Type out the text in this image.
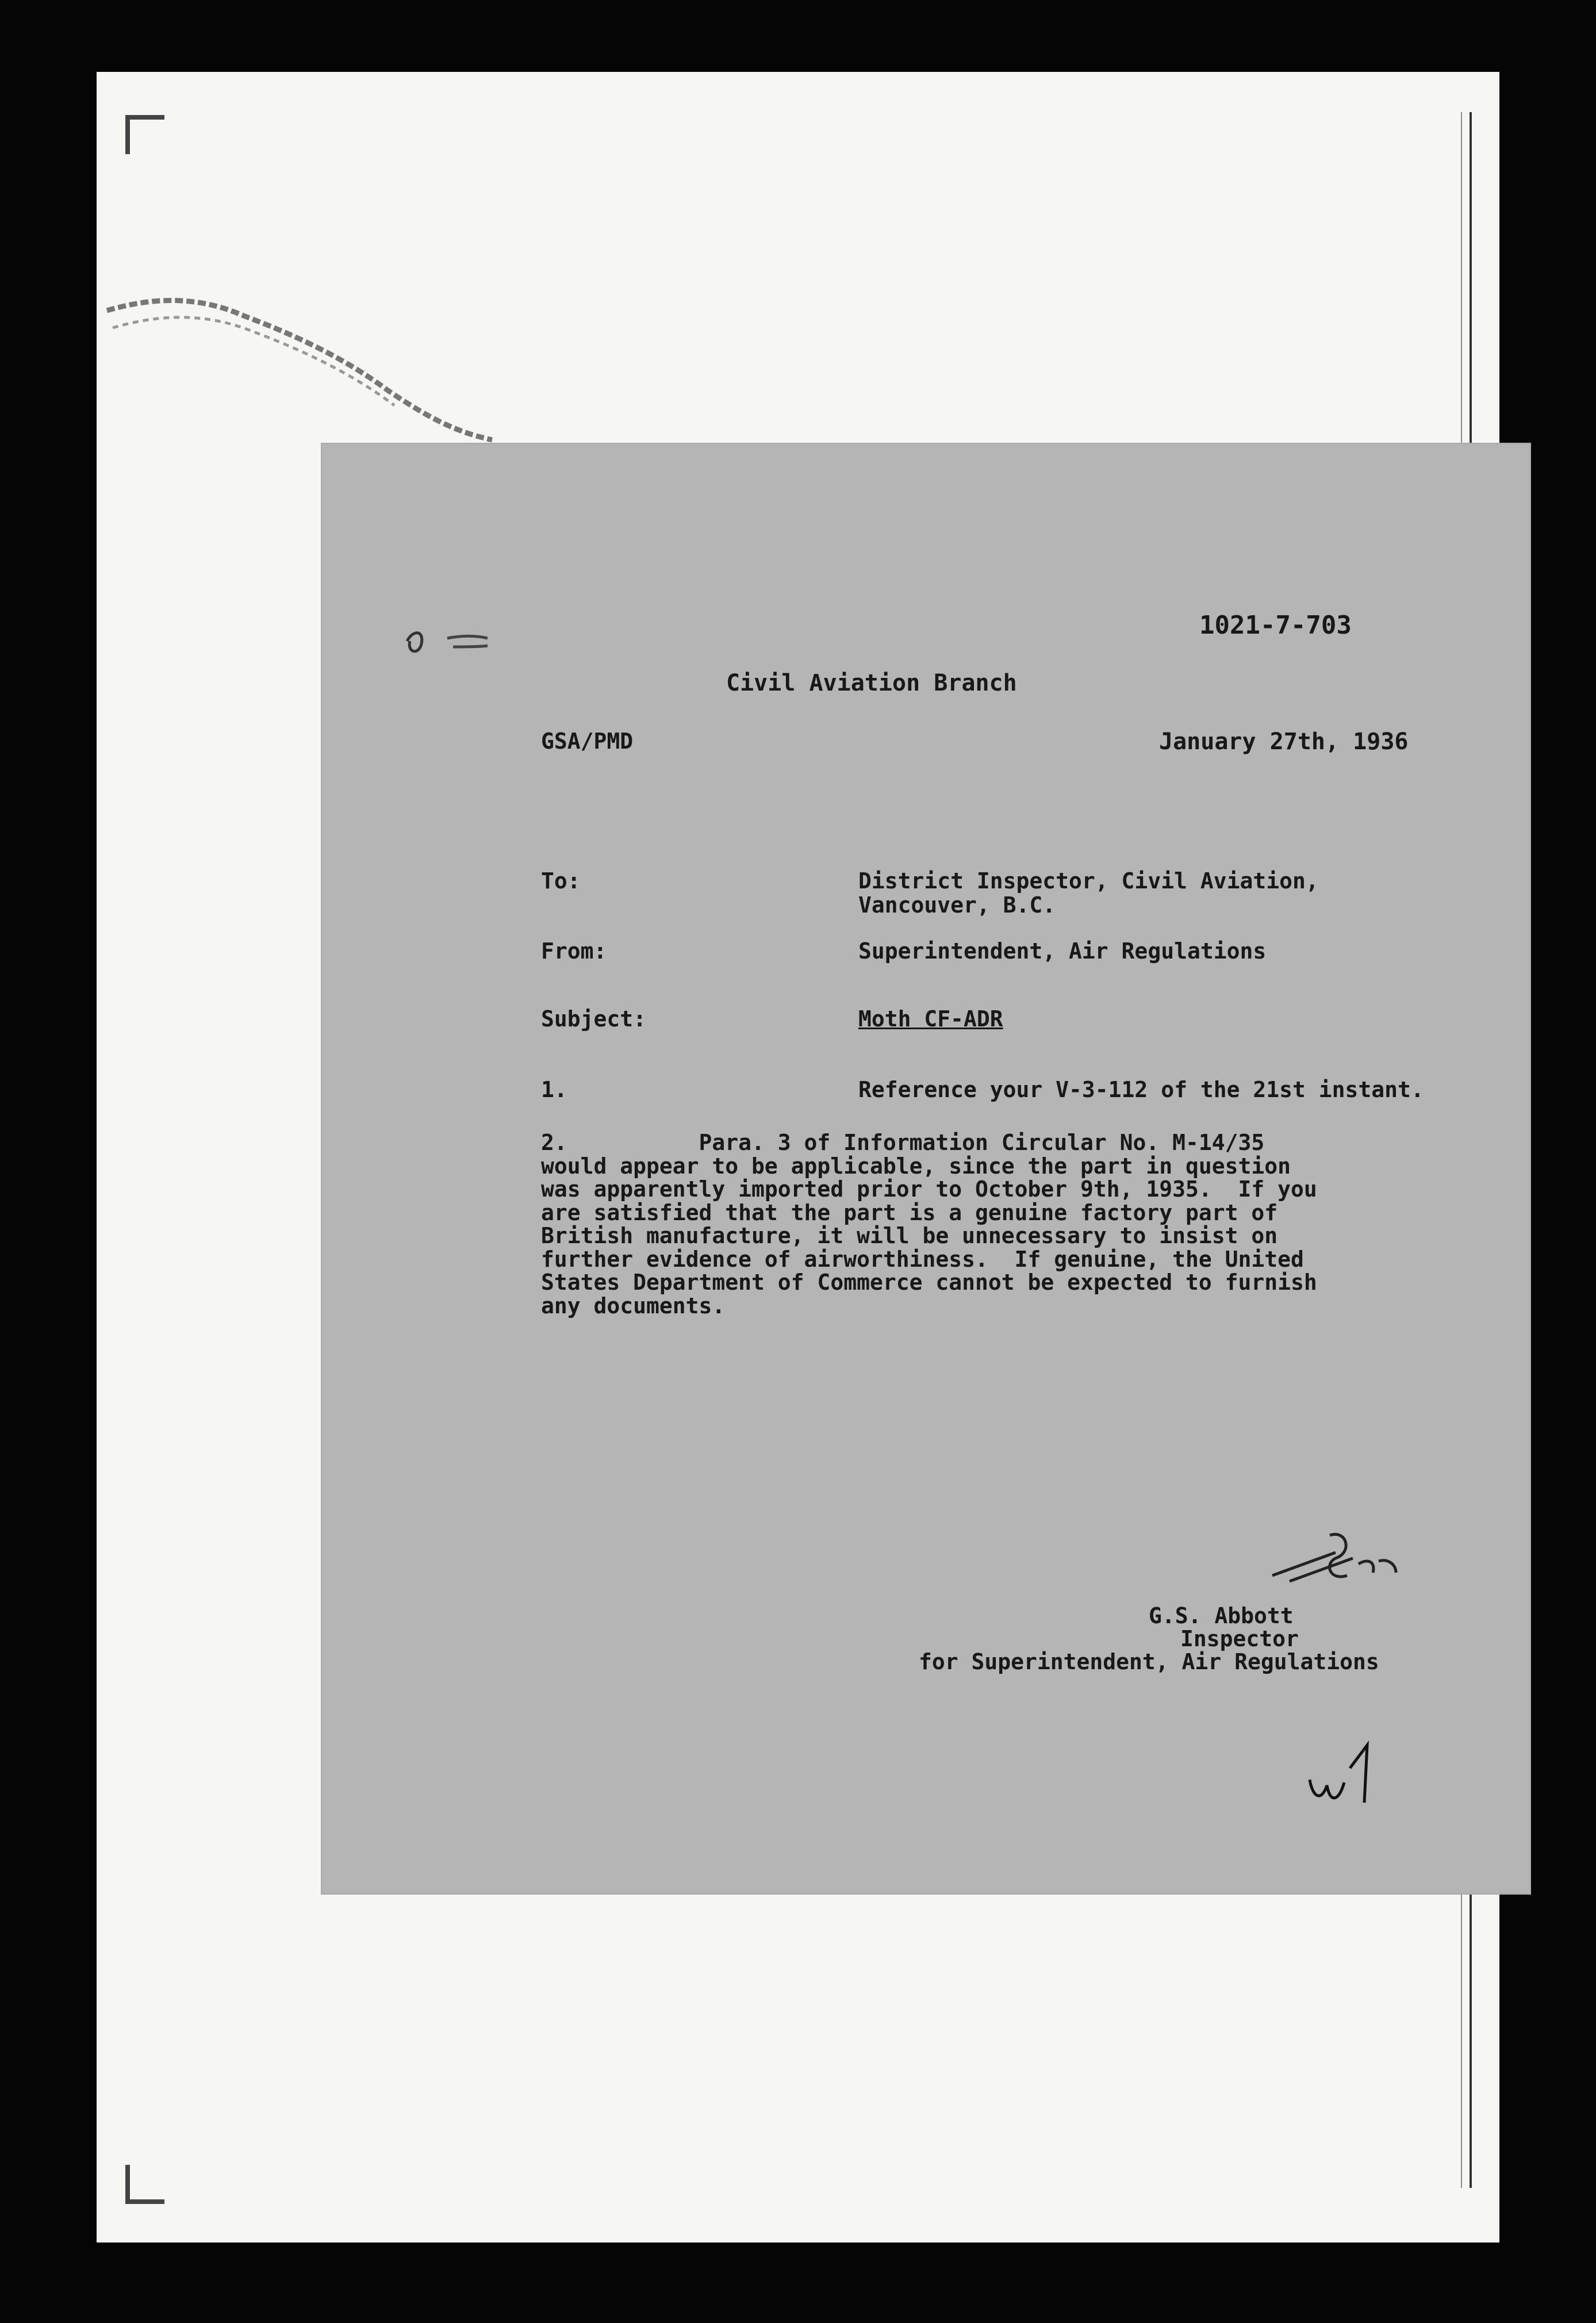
1021-7-703
Civil Aviation Branch
GSA/PMD	January 27th, 1936
To:	District Inspector, Civil Aviation,
Vancouver, B.C.
From:	Superintendent, Air Regulations
Subject:	Moth CF-ADR
1.	Reference your V-3-112 of the 21st instant.
2.          Para. 3 of Information Circular No. M-14/35
would appear to be applicable, since the part in question
was apparently imported prior to October 9th, 1935.  If you
are satisfied that the part is a genuine factory part of
British manufacture, it will be unnecessary to insist on
further evidence of airworthiness.  If genuine, the United
States Department of Commerce cannot be expected to furnish
any documents.
G.S. Abbott
Inspector
for Superintendent, Air Regulations
